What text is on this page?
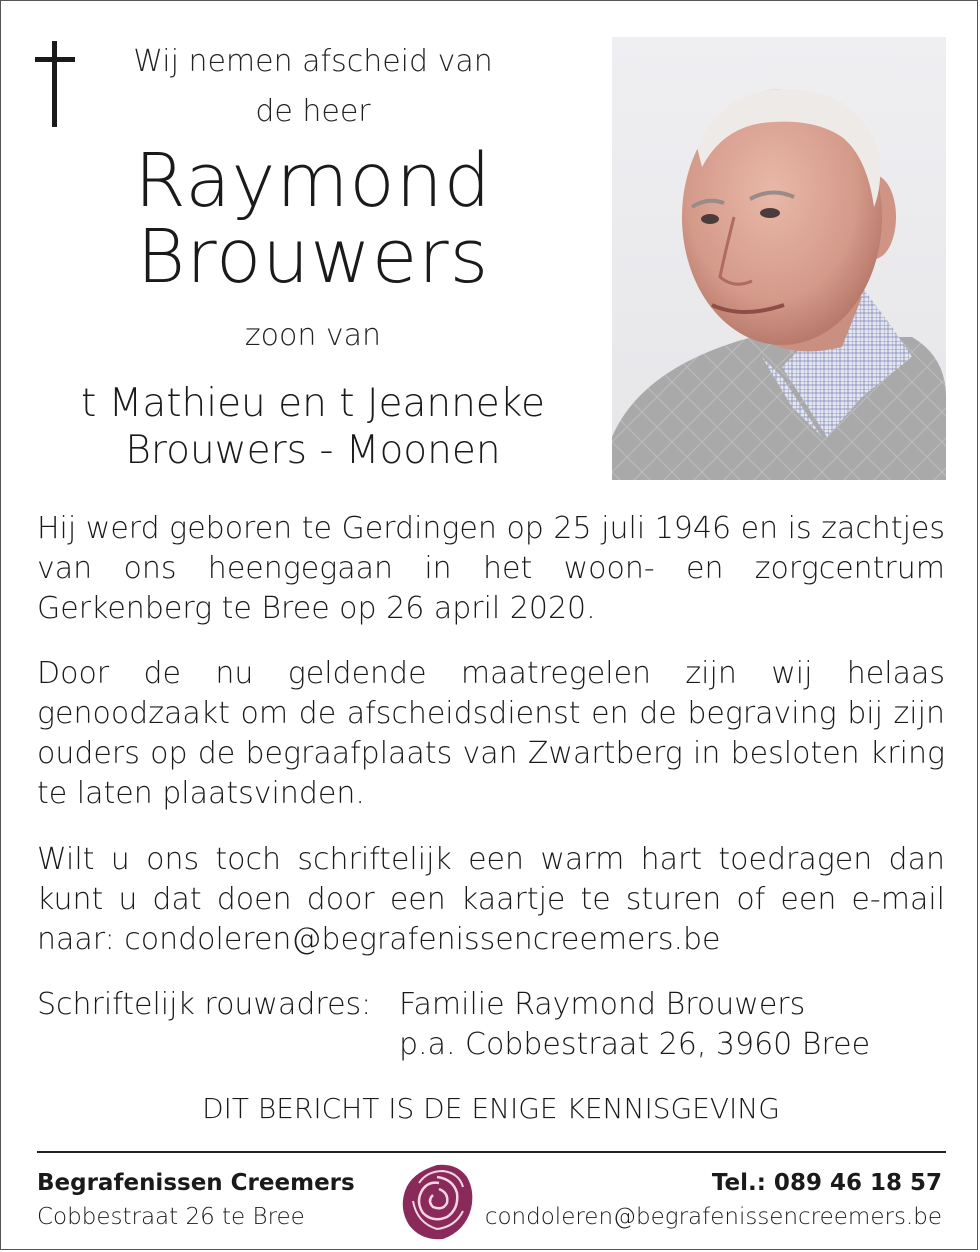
Wij nemen afscheid van
de heer
Raymond
Brouwers
zoon van
t Mathieu en t Jeanneke
Brouwers - Moonen

Hij werd geboren te Gerdingen op 25 juli 1946 en is zachtjes van ons heengegaan in het woon- en zorgcentrum Gerkenberg te Bree op 26 april 2020.

Door de nu geldende maatregelen zijn wij helaas genoodzaakt om de afscheidsdienst en de begraving bij zijn ouders op de begraafplaats van Zwartberg in besloten kring te laten plaatsvinden.

Wilt u ons toch schriftelijk een warm hart toedragen dan kunt u dat doen door een kaartje te sturen of een e-mail naar: condoleren@begrafenissencreemers.be

Schriftelijk rouwadres: Familie Raymond Brouwers
p.a. Cobbestraat 26, 3960 Bree
DIT BERICHT IS DE ENIGE KENNISGEVING
Begrafenissen Creemers
Cobbestraat 26 te Bree
Tel.: 089 46 18 57
condoleren@begrafenissencreemers.be
